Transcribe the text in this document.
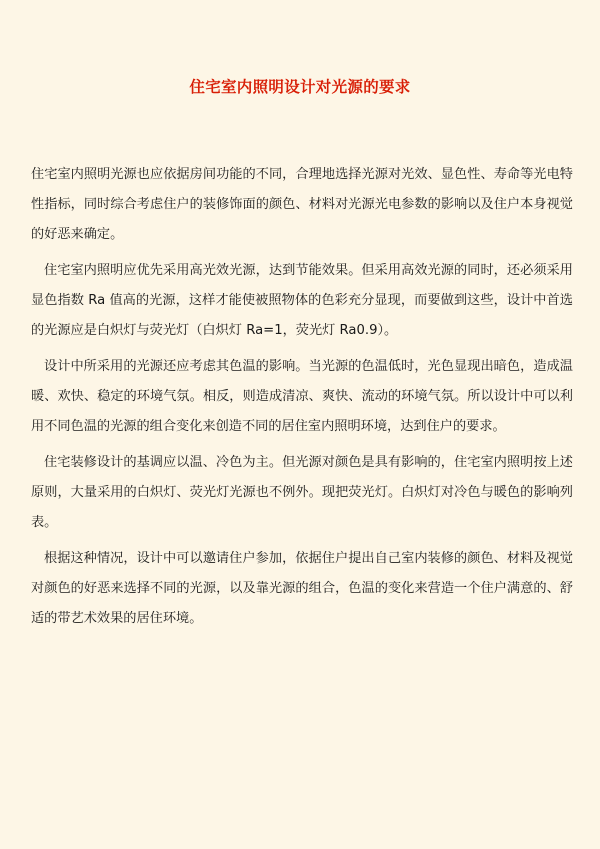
住宅室内照明设计对光源的要求

住宅室内照明光源也应依据房间功能的不同，合理地选择光源对光效、显色性、寿命等光电特性指标，同时综合考虑住户的装修饰面的颜色、材料对光源光电参数的影响以及住户本身视觉的好恶来确定。

住宅室内照明应优先采用高光效光源，达到节能效果。但采用高效光源的同时，还必须采用显色指数 Ra 值高的光源，这样才能使被照物体的色彩充分显现，而要做到这些，设计中首选的光源应是白炽灯与荧光灯（白炽灯 Ra=1，荧光灯 Ra0.9）。

设计中所采用的光源还应考虑其色温的影响。当光源的色温低时，光色显现出暗色，造成温暖、欢快、稳定的环境气氛。相反，则造成清凉、爽快、流动的环境气氛。所以设计中可以利用不同色温的光源的组合变化来创造不同的居住室内照明环境，达到住户的要求。

住宅装修设计的基调应以温、冷色为主。但光源对颜色是具有影响的，住宅室内照明按上述原则，大量采用的白炽灯、荧光灯光源也不例外。现把荧光灯。白炽灯对冷色与暖色的影响列表。

根据这种情况，设计中可以邀请住户参加，依据住户提出自己室内装修的颜色、材料及视觉对颜色的好恶来选择不同的光源，以及靠光源的组合，色温的变化来营造一个住户满意的、舒适的带艺术效果的居住环境。
